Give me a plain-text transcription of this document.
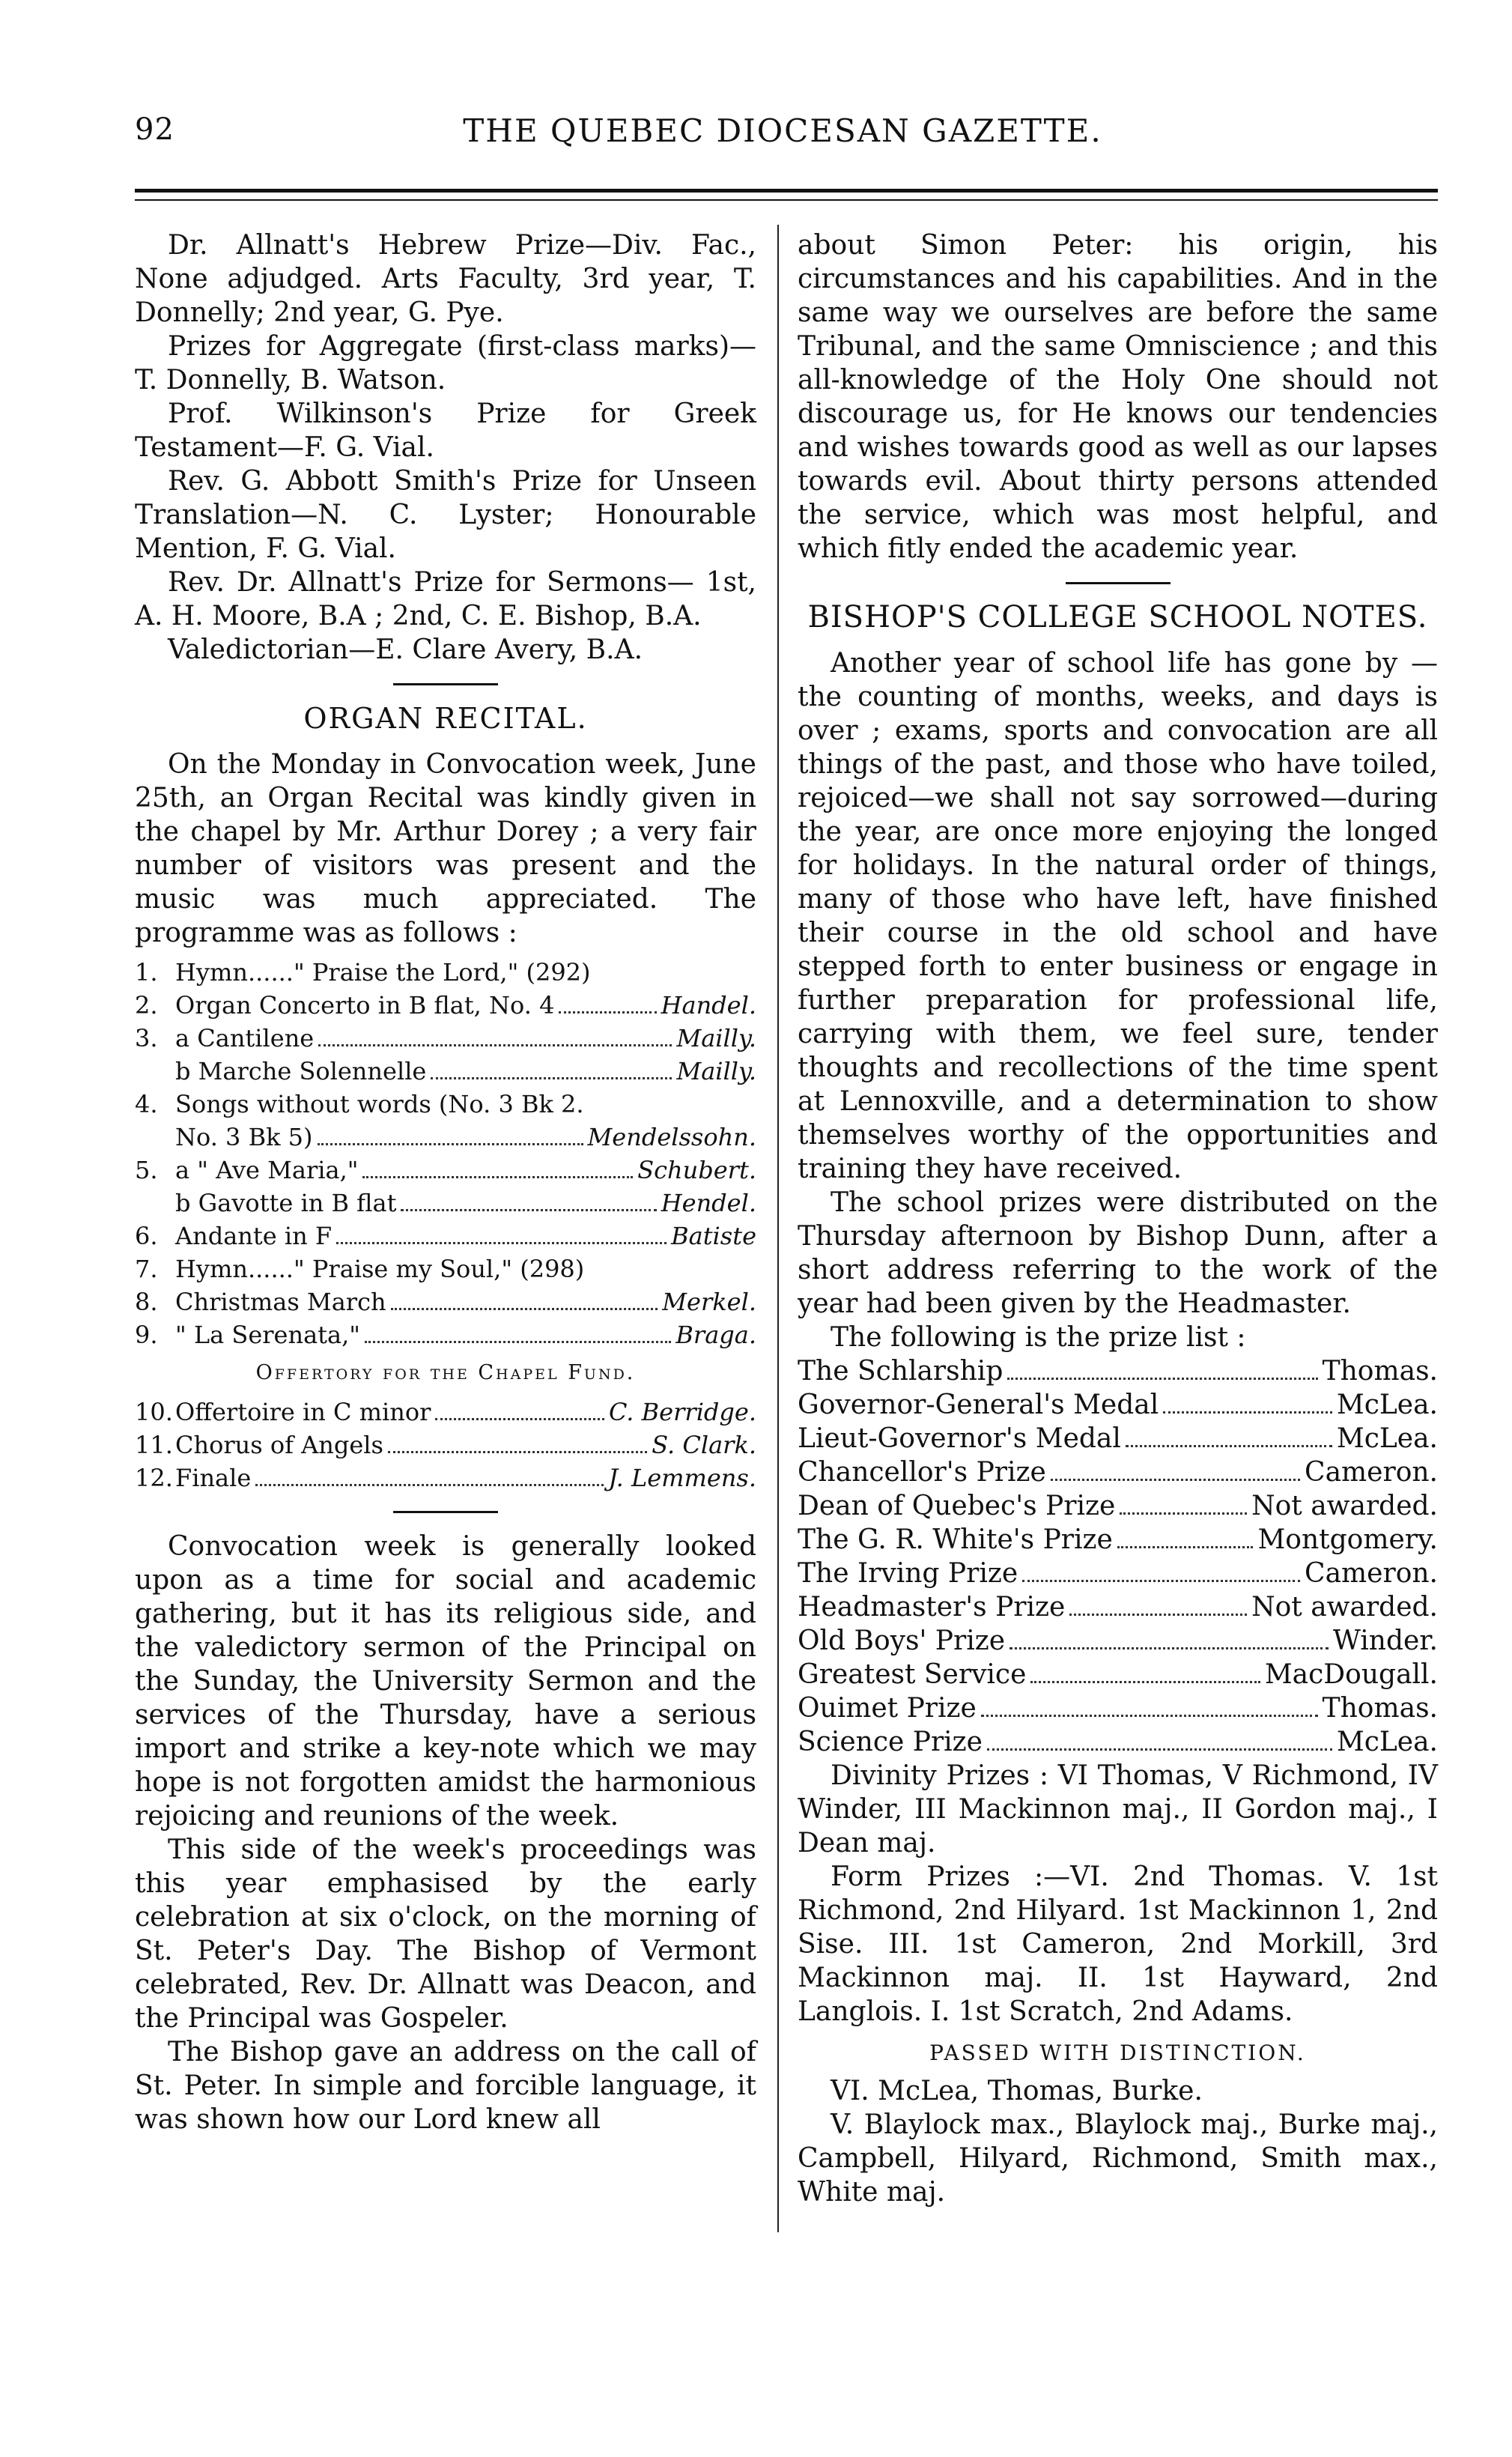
92	THE QUEBEC DIOCESAN GAZETTE.

Dr. Allnatt's Hebrew Prize—Div. Fac., None adjudged. Arts Faculty, 3rd year, T. Donnelly; 2nd year, G. Pye.

Prizes for Aggregate (first-class marks)— T. Donnelly, B. Watson.

Prof. Wilkinson's Prize for Greek Testament—F. G. Vial.

Rev. G. Abbott Smith's Prize for Unseen Translation—N. C. Lyster; Honourable Mention, F. G. Vial.

Rev. Dr. Allnatt's Prize for Sermons— 1st, A. H. Moore, B.A ; 2nd, C. E. Bishop, B.A.

Valedictorian—E. Clare Avery, B.A.

ORGAN RECITAL.

On the Monday in Convocation week, June 25th, an Organ Recital was kindly given in the chapel by Mr. Arthur Dorey ; a very fair number of visitors was present and the music was much appreciated. The programme was as follows :

1. Hymn......" Praise the Lord," (292)
2. Organ Concerto in B flat, No. 4	Handel.
3. a Cantilene	Mailly.
b Marche Solennelle	Mailly.
4. Songs without words (No. 3 Bk 2.
No. 3 Bk 5)	Mendelssohn.
5. a " Ave Maria,"	Schubert.
b Gavotte in B flat	Hendel.
6. Andante in F	Batiste
7. Hymn......" Praise my Soul," (298)
8. Christmas March	Merkel.
9. " La Serenata,"	Braga.
Offertory for the Chapel Fund.
10. Offertoire in C minor	C. Berridge.
11. Chorus of Angels	S. Clark.
12. Finale	J. Lemmens.

Convocation week is generally looked upon as a time for social and academic gathering, but it has its religious side, and the valedictory sermon of the Principal on the Sunday, the University Sermon and the services of the Thursday, have a serious import and strike a key-note which we may hope is not forgotten amidst the harmonious rejoicing and reunions of the week.

This side of the week's proceedings was this year emphasised by the early celebration at six o'clock, on the morning of St. Peter's Day. The Bishop of Vermont celebrated, Rev. Dr. Allnatt was Deacon, and the Principal was Gospeler.

The Bishop gave an address on the call of St. Peter. In simple and forcible language, it was shown how our Lord knew all

about Simon Peter: his origin, his circumstances and his capabilities. And in the same way we ourselves are before the same Tribunal, and the same Omniscience ; and this all-knowledge of the Holy One should not discourage us, for He knows our tendencies and wishes towards good as well as our lapses towards evil. About thirty persons attended the service, which was most helpful, and which fitly ended the academic year.

BISHOP'S COLLEGE SCHOOL NOTES.

Another year of school life has gone by —the counting of months, weeks, and days is over ; exams, sports and convocation are all things of the past, and those who have toiled, rejoiced—we shall not say sorrowed—during the year, are once more enjoying the longed for holidays. In the natural order of things, many of those who have left, have finished their course in the old school and have stepped forth to enter business or engage in further preparation for professional life, carrying with them, we feel sure, tender thoughts and recollections of the time spent at Lennoxville, and a determination to show themselves worthy of the opportunities and training they have received.

The school prizes were distributed on the Thursday afternoon by Bishop Dunn, after a short address referring to the work of the year had been given by the Headmaster.

The following is the prize list :

The Schlarship	Thomas.
Governor-General's Medal	McLea.
Lieut-Governor's Medal	McLea.
Chancellor's Prize	Cameron.
Dean of Quebec's Prize	Not awarded.
The G. R. White's Prize	Montgomery.
The Irving Prize	Cameron.
Headmaster's Prize	Not awarded.
Old Boys' Prize	Winder.
Greatest Service	MacDougall.
Ouimet Prize	Thomas.
Science Prize	McLea.

Divinity Prizes : VI Thomas, V Richmond, IV Winder, III Mackinnon maj., II Gordon maj., I Dean maj.

Form Prizes :—VI. 2nd Thomas. V. 1st Richmond, 2nd Hilyard. 1st Mackinnon 1, 2nd Sise. III. 1st Cameron, 2nd Morkill, 3rd Mackinnon maj. II. 1st Hayward, 2nd Langlois. I. 1st Scratch, 2nd Adams.

PASSED WITH DISTINCTION.

VI. McLea, Thomas, Burke.

V. Blaylock max., Blaylock maj., Burke maj., Campbell, Hilyard, Richmond, Smith max., White maj.
